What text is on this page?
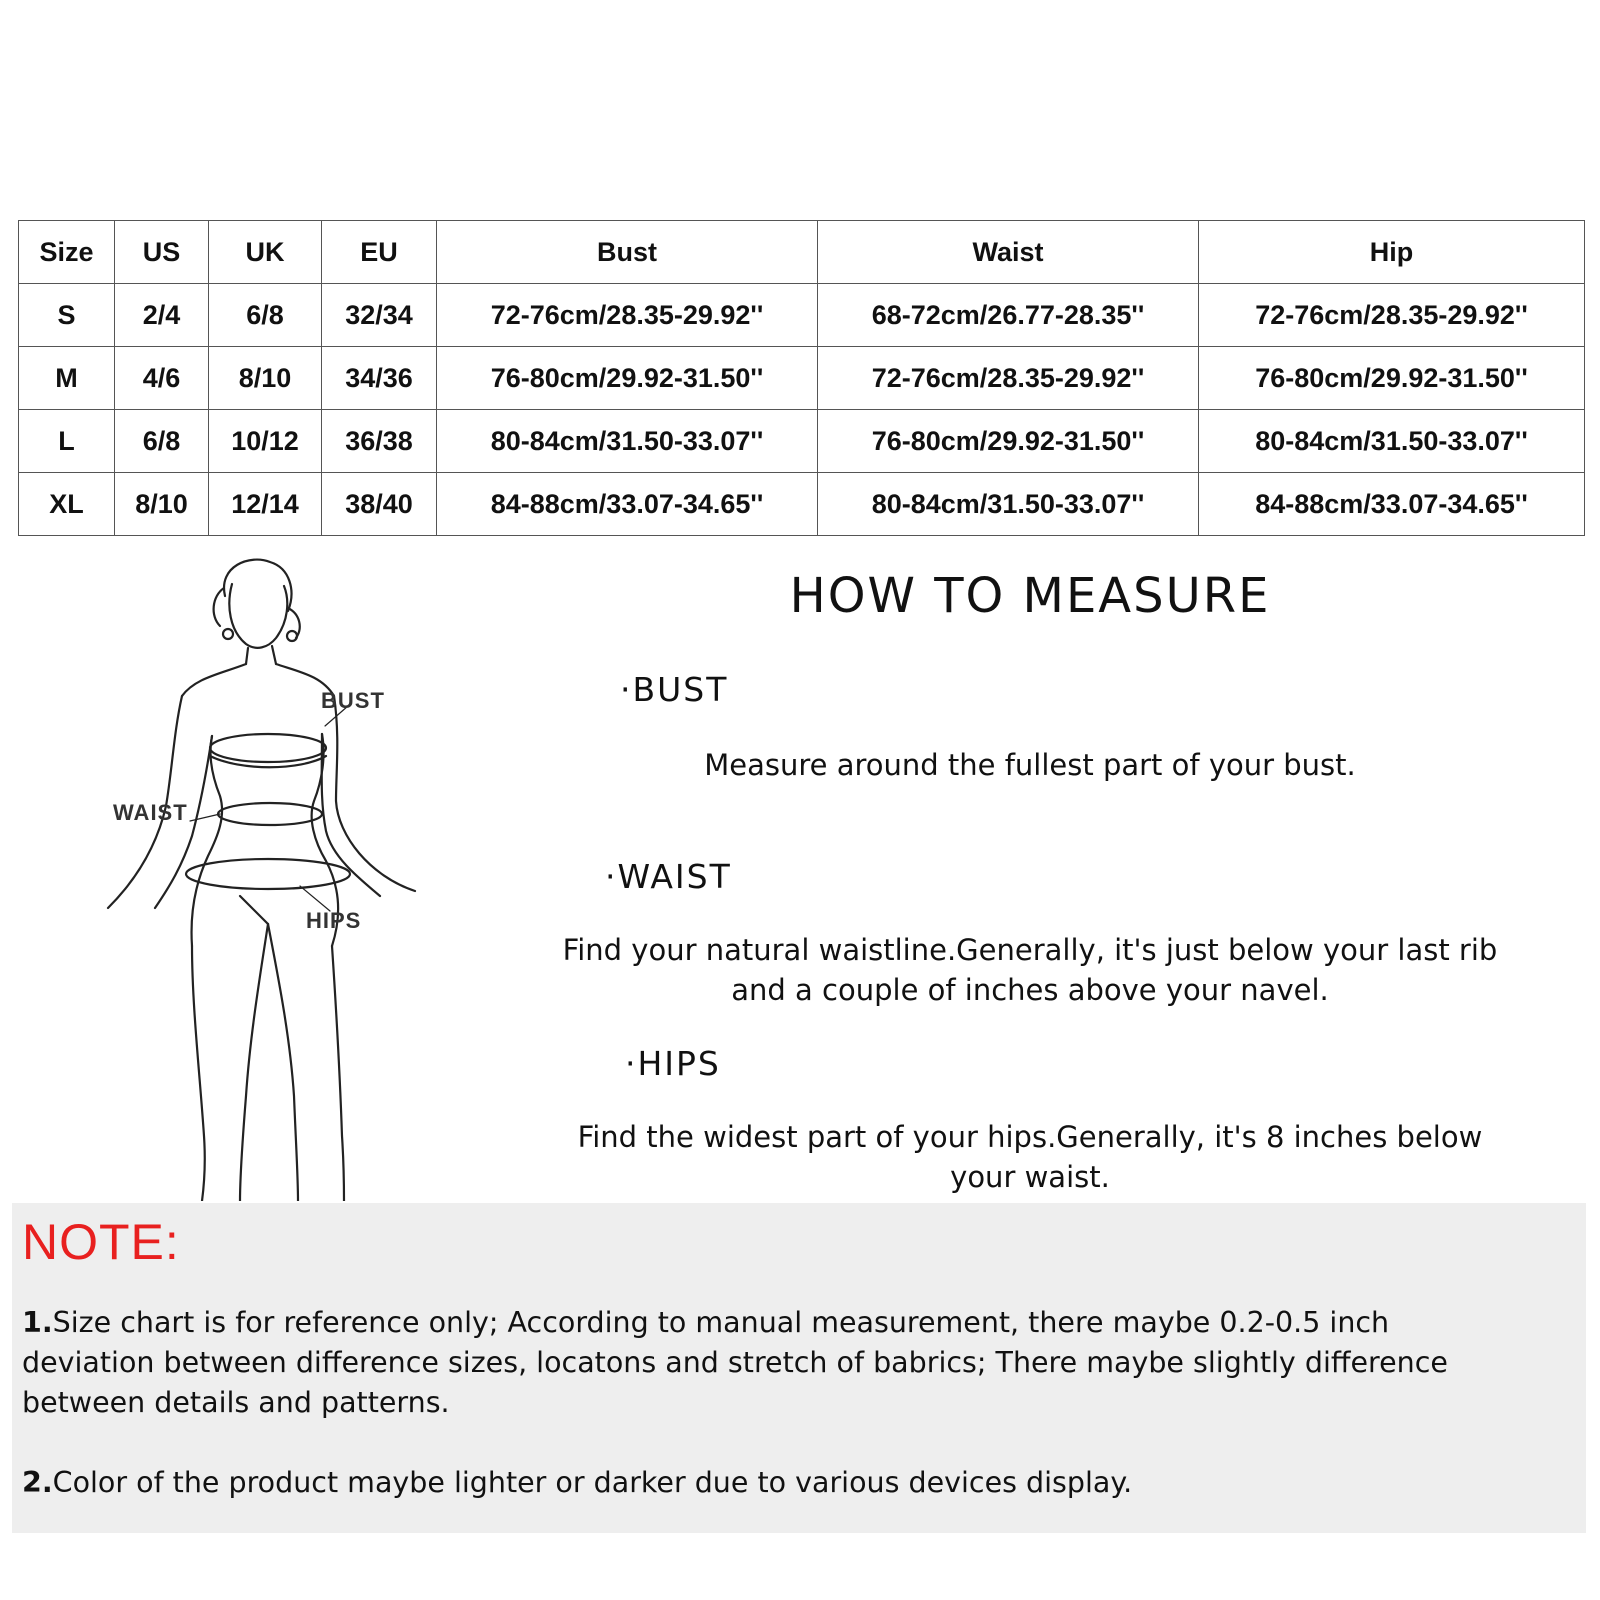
Size	US	UK	EU	Bust	Waist	Hip
S	2/4	6/8	32/34	72-76cm/28.35-29.92''	68-72cm/26.77-28.35''	72-76cm/28.35-29.92''
M	4/6	8/10	34/36	76-80cm/29.92-31.50''	72-76cm/28.35-29.92''	76-80cm/29.92-31.50''
L	6/8	10/12	36/38	80-84cm/31.50-33.07''	76-80cm/29.92-31.50''	80-84cm/31.50-33.07''
XL	8/10	12/14	38/40	84-88cm/33.07-34.65''	80-84cm/31.50-33.07''	84-88cm/33.07-34.65''
BUST
WAIST
HIPS
HOW TO MEASURE
·BUST
Measure around the fullest part of your bust.
·WAIST
Find your natural waistline.Generally, it's just below your last rib
and a couple of inches above your navel.
·HIPS
Find the widest part of your hips.Generally, it's 8 inches below
your waist.
NOTE:
1.Size chart is for reference only; According to manual measurement, there maybe 0.2-0.5 inch
deviation between difference sizes, locatons and stretch of babrics; There maybe slightly difference
between details and patterns.
2.Color of the product maybe lighter or darker due to various devices display.
